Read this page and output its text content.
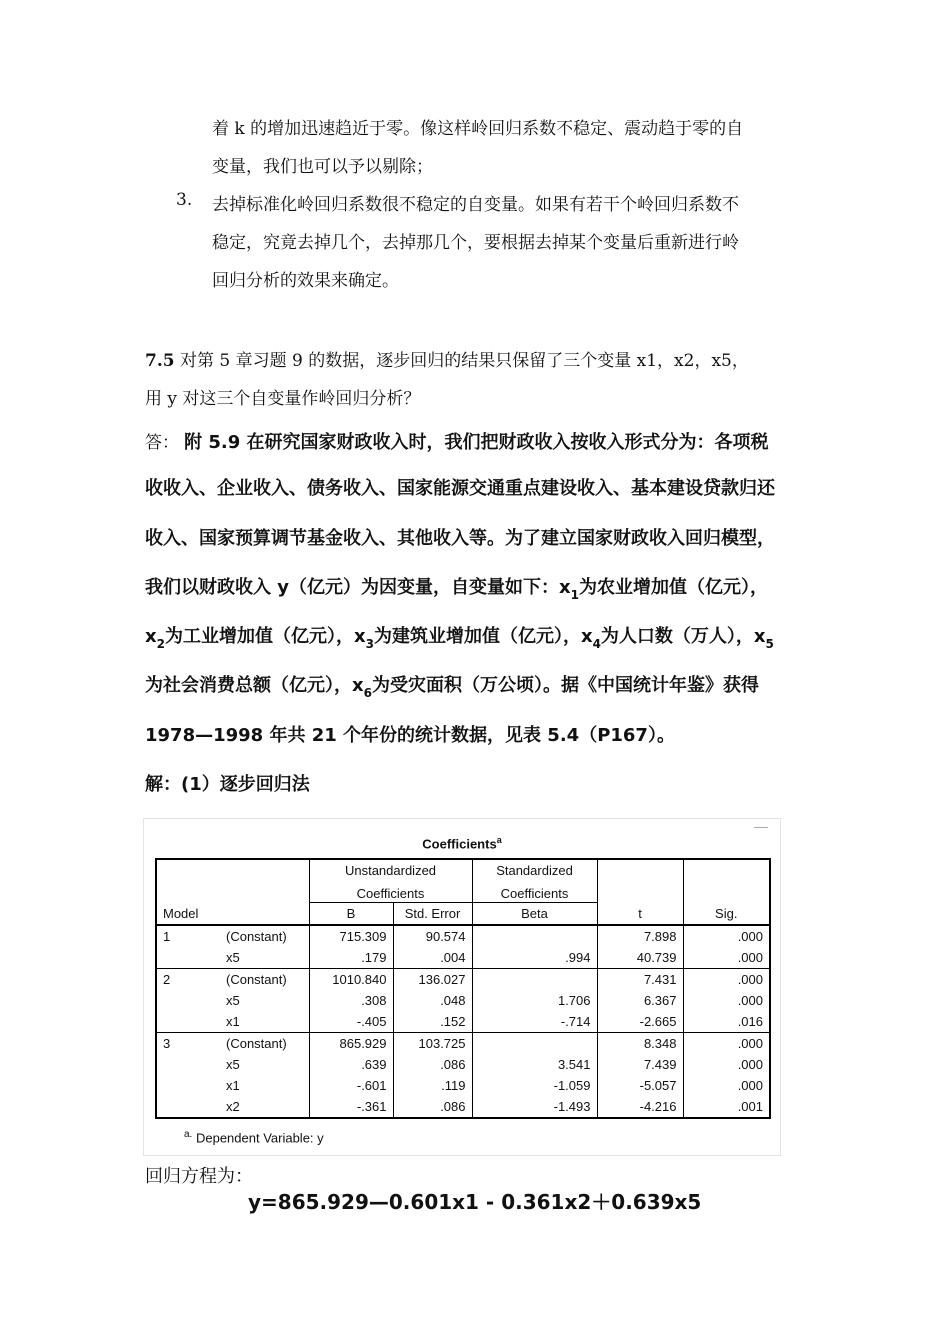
着 k 的增加迅速趋近于零。像这样岭回归系数不稳定、震动趋于零的自
变量，我们也可以予以剔除；
3. 去掉标准化岭回归系数很不稳定的自变量。如果有若干个岭回归系数不
稳定，究竟去掉几个，去掉那几个，要根据去掉某个变量后重新进行岭
回归分析的效果来确定。
7.5 对第 5 章习题 9 的数据，逐步回归的结果只保留了三个变量 x1，x2，x5，
用 y 对这三个自变量作岭回归分析？
答： 附 5.9 在研究国家财政收入时，我们把财政收入按收入形式分为：各项税
收收入、企业收入、债务收入、国家能源交通重点建设收入、基本建设贷款归还
收入、国家预算调节基金收入、其他收入等。为了建立国家财政收入回归模型，
我们以财政收入 y（亿元）为因变量，自变量如下：$x_1$为农业增加值（亿元），
$x_2$为工业增加值（亿元），$x_3$为建筑业增加值（亿元），$x_4$为人口数（万人），$x_5$
为社会消费总额（亿元），$x_6$为受灾面积（万公顷）。据《中国统计年鉴》获得
1978—1998 年共 21 个年份的统计数据，见表 5.4（P167）。
解：(1）逐步回归法
Coefficients$^a$
		Unstandardized		Standardized		
		Coefficients		Coefficients		
Model		B	Std. Error	Beta	t	Sig.
1	(Constant)	715.309	90.574		7.898	.000
	x5	.179	.004	.994	40.739	.000
2	(Constant)	1010.840	136.027		7.431	.000
	x5	.308	.048	1.706	6.367	.000
	x1	-.405	.152	-.714	-2.665	.016
3	(Constant)	865.929	103.725		8.348	.000
	x5	.639	.086	3.541	7.439	.000
	x1	-.601	.119	-1.059	-5.057	.000
	x2	-.361	.086	-1.493	-4.216	.001
$^{a.}$ Dependent Variable: y
回归方程为：
y=865.929—0.601x1 - 0.361x2＋0.639x5
